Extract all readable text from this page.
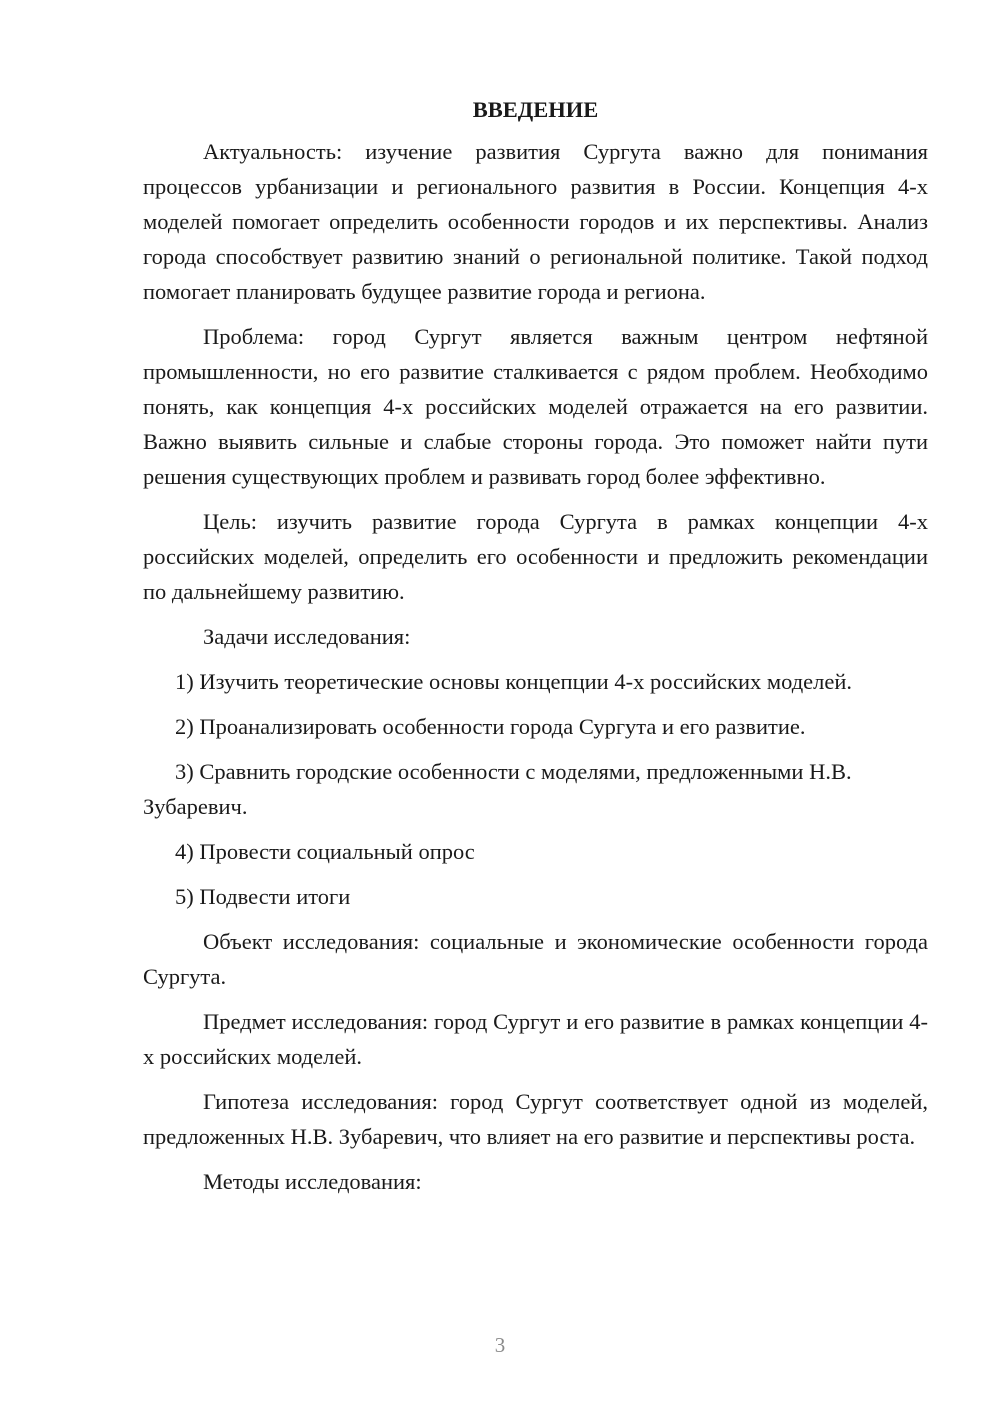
ВВЕДЕНИЕ

Актуальность: изучение развития Сургута важно для понимания процессов урбанизации и регионального развития в России. Концепция 4-х моделей помогает определить особенности городов и их перспективы. Анализ города способствует развитию знаний о региональной политике. Такой подход помогает планировать будущее развитие города и региона.

Проблема: город Сургут является важным центром нефтяной промышленности, но его развитие сталкивается с рядом проблем. Необходимо понять, как концепция 4-х российских моделей отражается на его развитии. Важно выявить сильные и слабые стороны города. Это поможет найти пути решения существующих проблем и развивать город более эффективно.

Цель: изучить развитие города Сургута в рамках концепции 4-х российских моделей, определить его особенности и предложить рекомендации по дальнейшему развитию.

Задачи исследования:

1) Изучить теоретические основы концепции 4-х российских моделей.
2) Проанализировать особенности города Сургута и его развитие.
3) Сравнить городские особенности с моделями, предложенными Н.В. Зубаревич.
4) Провести социальный опрос
5) Подвести итоги

Объект исследования: социальные и экономические особенности города Сургута.

Предмет исследования: город Сургут и его развитие в рамках концепции 4-х российских моделей.

Гипотеза исследования: город Сургут соответствует одной из моделей, предложенных Н.В. Зубаревич, что влияет на его развитие и перспективы роста.

Методы исследования:

3
